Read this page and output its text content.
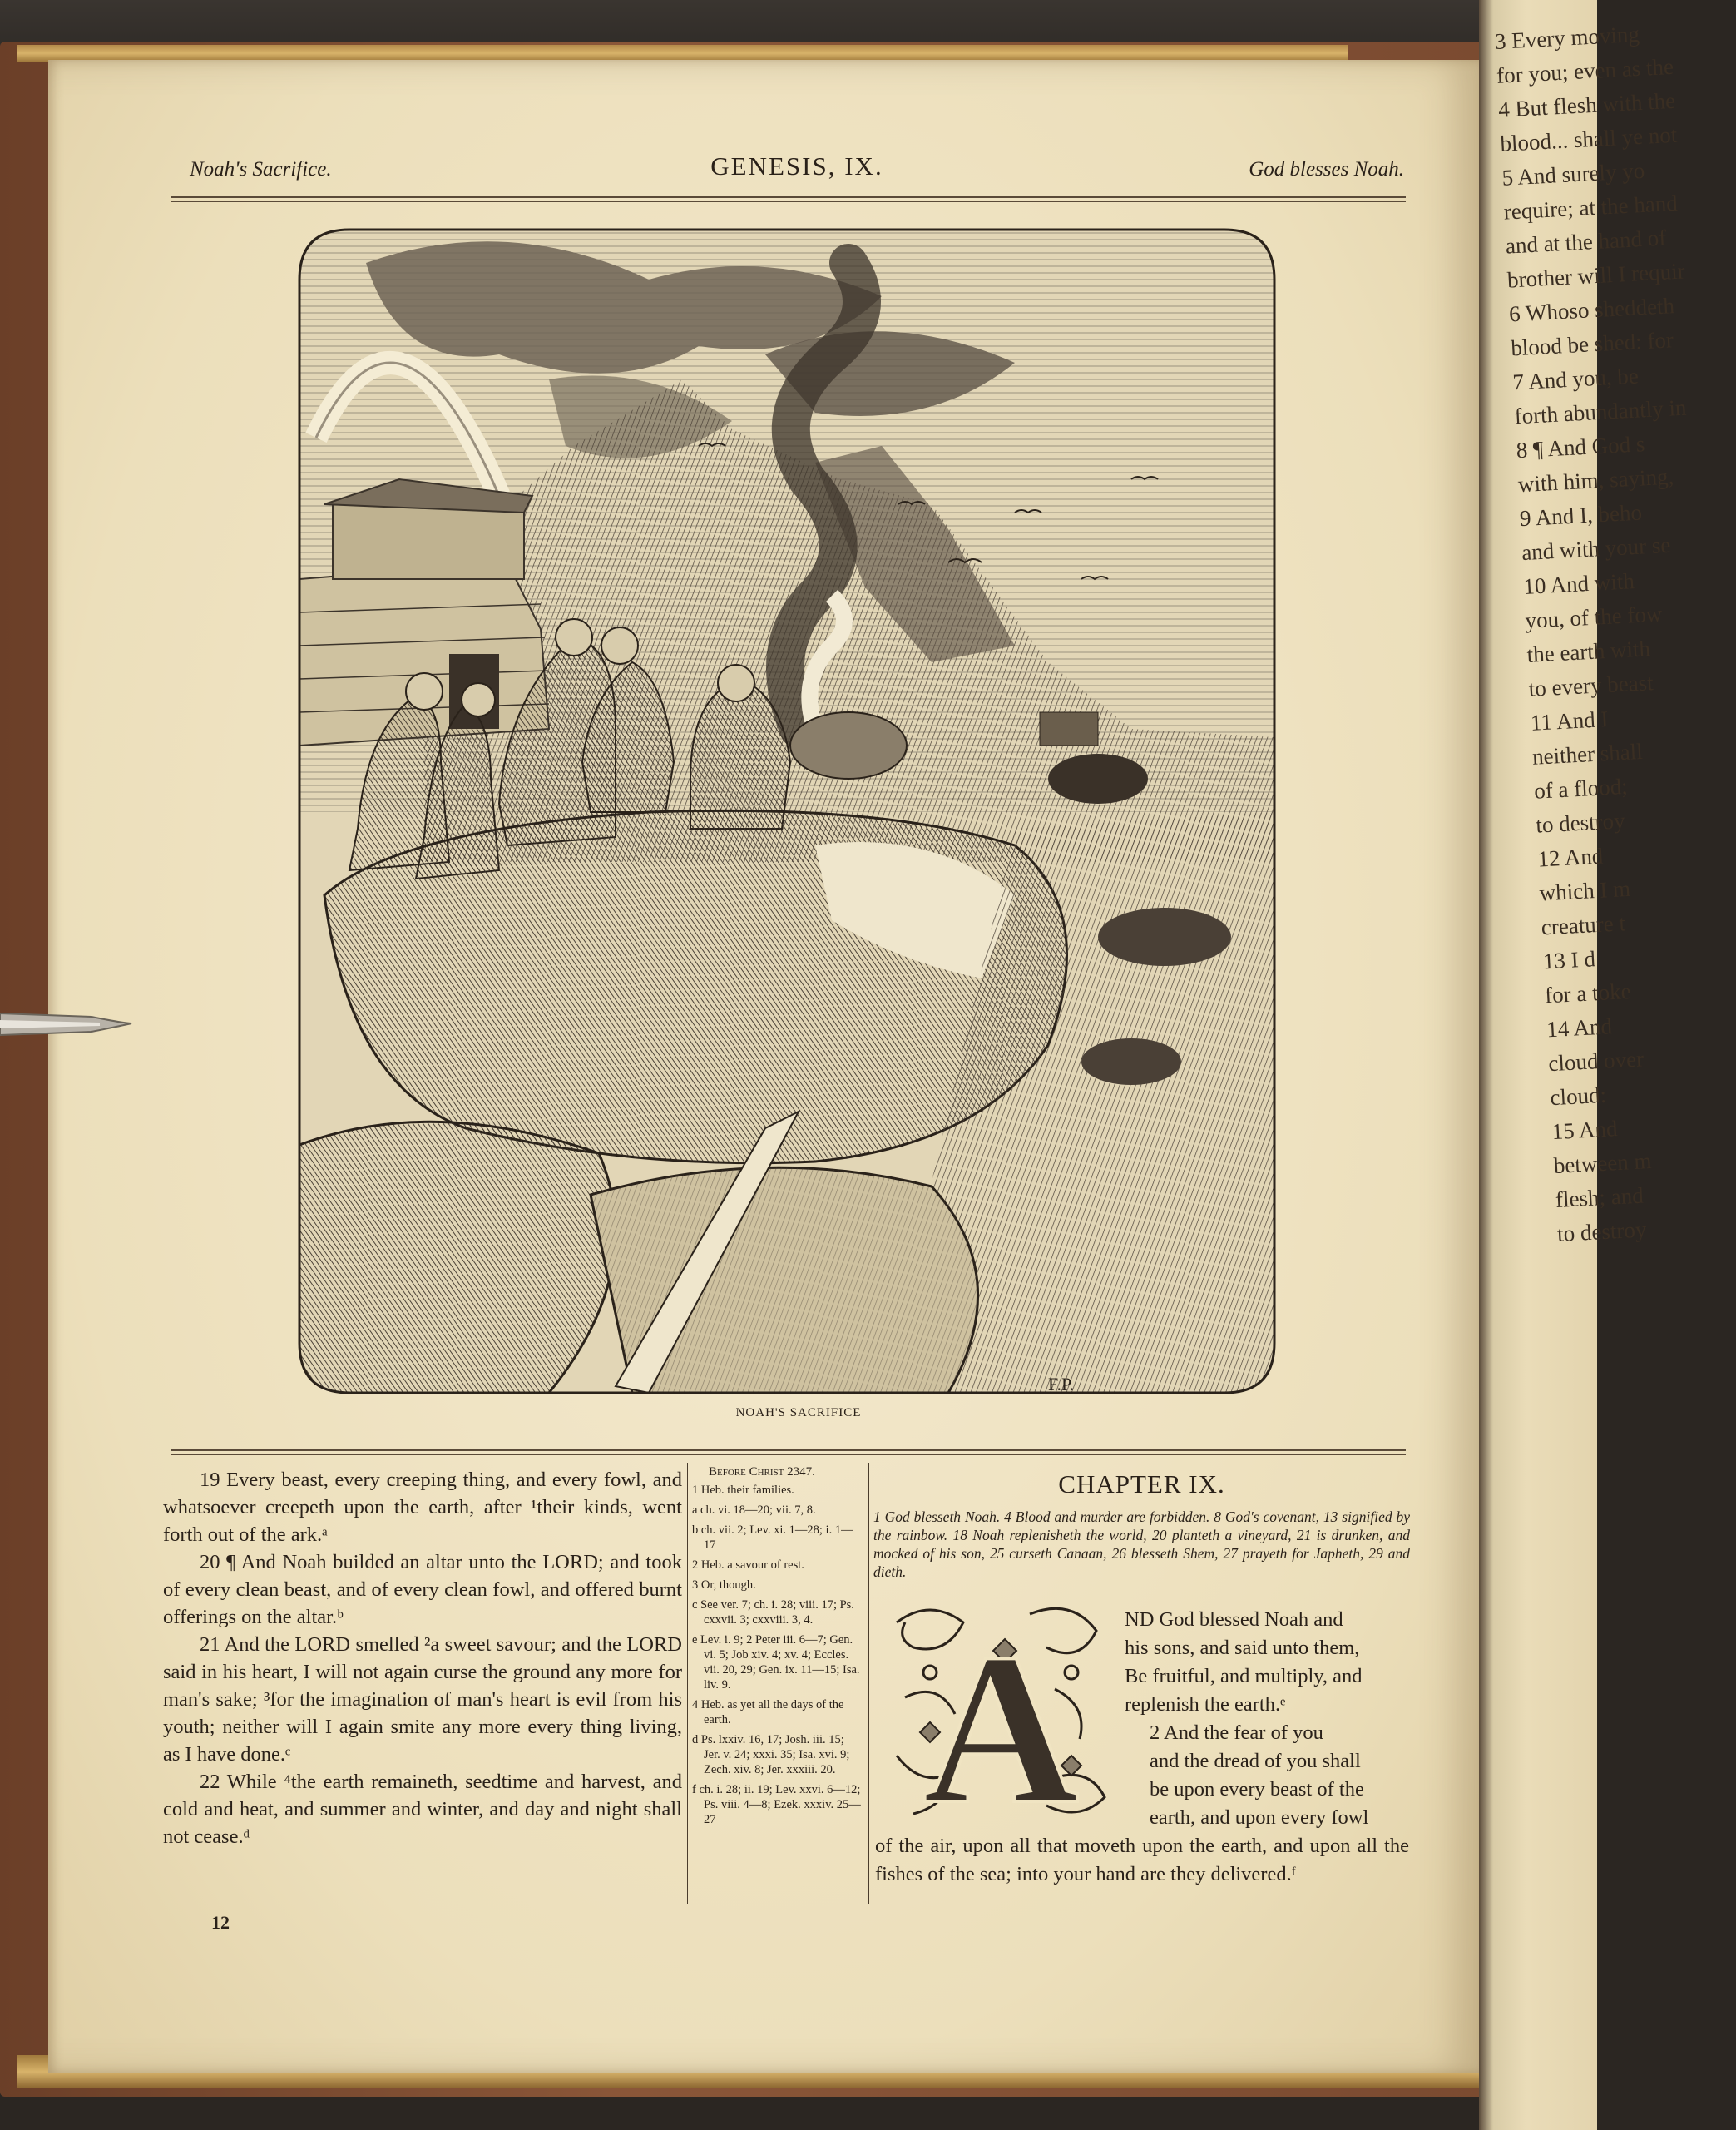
3 Every moving
for you; even as the
4 But flesh with the
blood... shall ye not
5 And surely yo
require; at the hand
and at the hand of
brother will I requir
6 Whoso sheddeth
blood be shed: for
7 And you, be
forth abundantly in
8 ¶ And God s
with him, saying,
9 And I, beho
and with your se
10 And with
you, of the fow
the earth with
to every beast
11 And I
neither shall
of a flood;
to destroy
12 And
which I m
creature t
13 I d
for a toke
14 And
cloud over
cloud:
15 And
between m
flesh; and
to destroy
Noah's Sacrifice.	GENESIS, IX.	God blesses Noah.
F.P.
NOAH'S SACRIFICE

19 Every beast, every creeping thing, and every fowl, and whatsoever creepeth upon the earth, after ¹their kinds, went forth out of the ark.ᵃ

20 ¶ And Noah builded an altar unto the LORD; and took of every clean beast, and of every clean fowl, and offered burnt offerings on the altar.ᵇ

21 And the LORD smelled ²a sweet savour; and the LORD said in his heart, I will not again curse the ground any more for man's sake; ³for the imagination of man's heart is evil from his youth; neither will I again smite any more every thing living, as I have done.ᶜ

22 While ⁴the earth remaineth, seedtime and harvest, and cold and heat, and summer and winter, and day and night shall not cease.ᵈ

12
Before Christ 2347.
1 Heb. their families.
a ch. vi. 18—20; vii. 7, 8.
b ch. vii. 2; Lev. xi. 1—28; i. 1—17
2 Heb. a savour of rest.
3 Or, though.
c See ver. 7; ch. i. 28; viii. 17; Ps. cxxvii. 3; cxxviii. 3, 4.
e Lev. i. 9; 2 Peter iii. 6—7; Gen. vi. 5; Job xiv. 4; xv. 4; Eccles. vii. 20, 29; Gen. ix. 11—15; Isa. liv. 9.
4 Heb. as yet all the days of the earth.
d Ps. lxxiv. 16, 17; Josh. iii. 15; Jer. v. 24; xxxi. 35; Isa. xvi. 9; Zech. xiv. 8; Jer. xxxiii. 20.
f ch. i. 28; ii. 19; Lev. xxvi. 6—12; Ps. viii. 4—8; Ezek. xxxiv. 25—27
CHAPTER IX.
1 God blesseth Noah. 4 Blood and murder are forbidden. 8 God's covenant, 13 signified by the rainbow. 18 Noah replenisheth the world, 20 planteth a vineyard, 21 is drunken, and mocked of his son, 25 curseth Canaan, 26 blesseth Shem, 27 prayeth for Japheth, 29 and dieth.
A ND God blessed Noah and
his sons, and said unto them,
Be fruitful, and multiply, and
replenish the earth.ᵉ
2 And the fear of you
and the dread of you shall
be upon every beast of the
earth, and upon every fowl

of the air, upon all that moveth upon the earth, and upon all the fishes of the sea; into your hand are they delivered.ᶠ
